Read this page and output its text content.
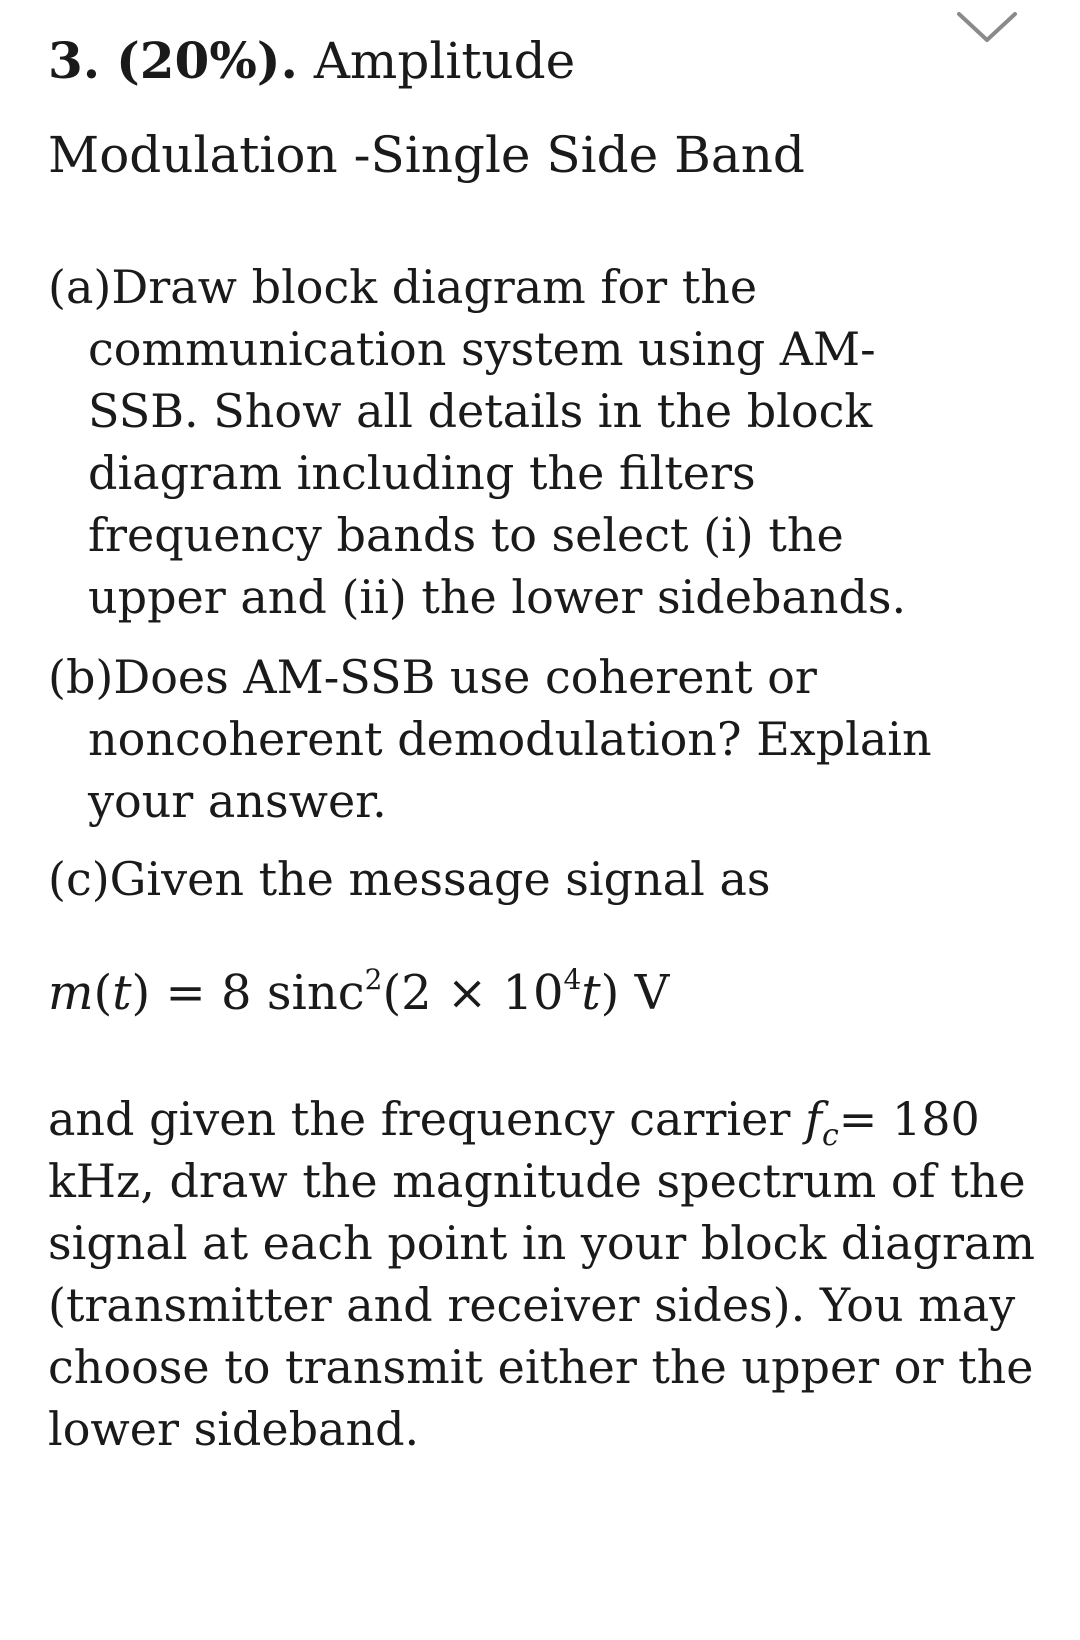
3. (20%). Amplitude
Modulation -Single Side Band
(a)Draw block diagram for the
communication system using AM-
SSB. Show all details in the block
diagram including the filters
frequency bands to select (i) the
upper and (ii) the lower sidebands.
(b)Does AM-SSB use coherent or
noncoherent demodulation? Explain
your answer.
(c)Given the message signal as
m(t) = 8 $\sin c^2(2 \times 10^4t)$ V
and given the frequency carrier $f_c= 180$
kHz, draw the magnitude spectrum of the
signal at each point in your block diagram
(transmitter and receiver sides). You may
choose to transmit either the upper or the
lower sideband.
